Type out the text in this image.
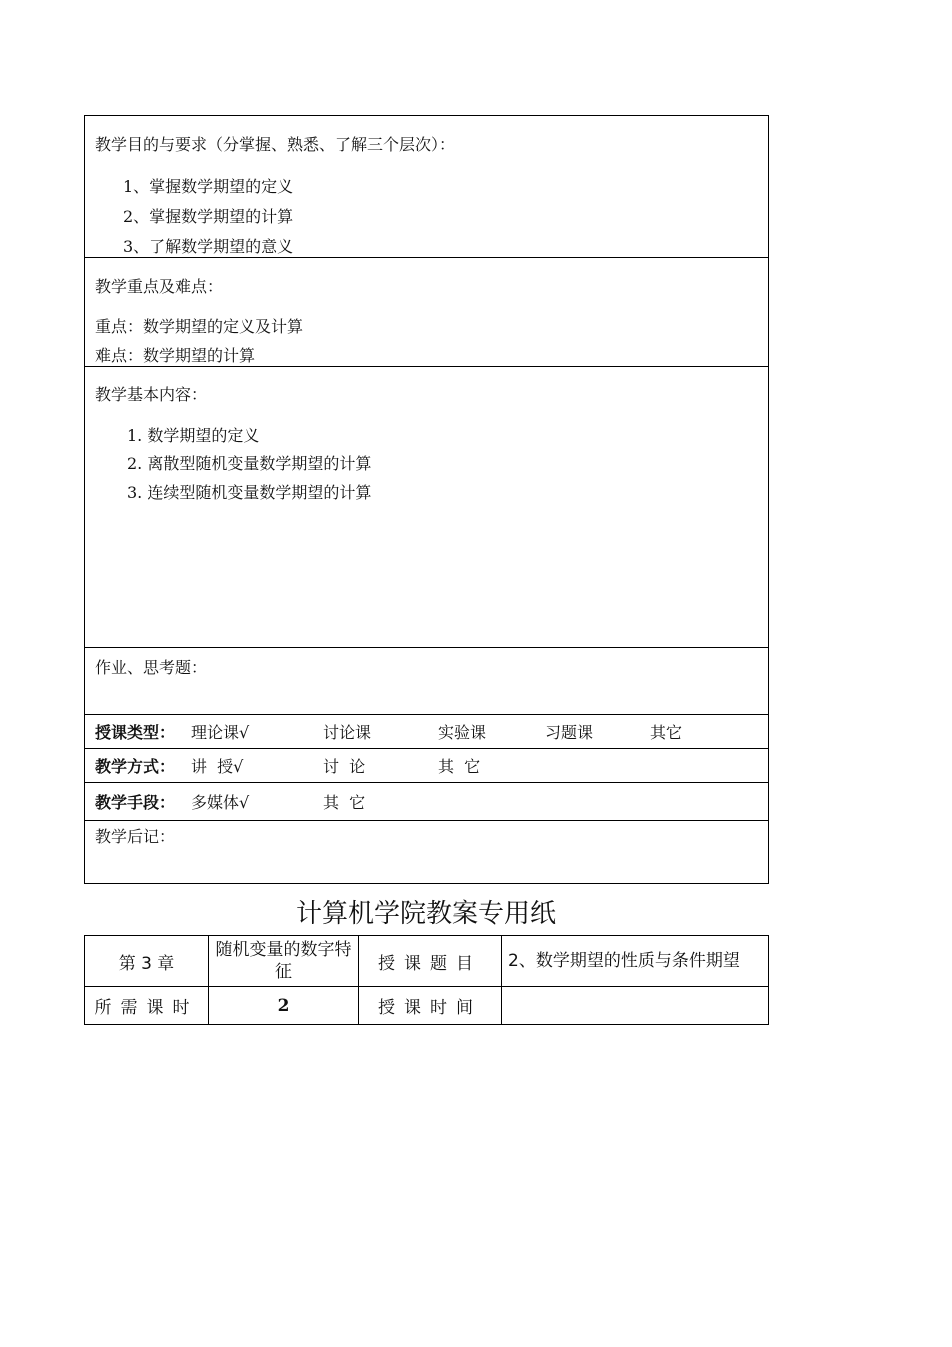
教学目的与要求（分掌握、熟悉、了解三个层次）：
1、掌握数学期望的定义
2、掌握数学期望的计算
3、了解数学期望的意义
教学重点及难点：
重点：数学期望的定义及计算
难点：数学期望的计算
教学基本内容：
1. 数学期望的定义
2. 离散型随机变量数学期望的计算
3. 连续型随机变量数学期望的计算
作业、思考题：
授课类型： 理论课√	讨论课	实验课	习题课	其它
教学方式： 讲  授√	讨  论	其  它
教学手段： 多媒体√	其  它
教学后记：
计算机学院教案专用纸
第 3 章	随机变量的数字特征	授课题目	2、数学期望的性质与条件期望
所需课时	2	授课时间	
